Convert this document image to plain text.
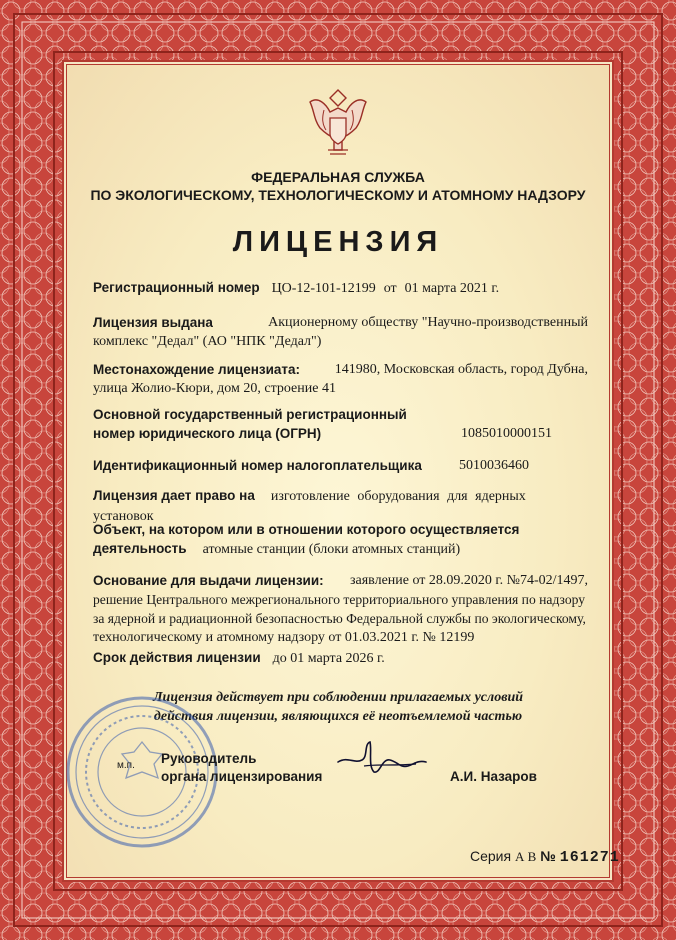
ФЕДЕРАЛЬНАЯ СЛУЖБА
ПО ЭКОЛОГИЧЕСКОМУ, ТЕХНОЛОГИЧЕСКОМУ И АТОМНОМУ НАДЗОРУ
ЛИЦЕНЗИЯ
Регистрационный номер ЦО-12-101-12199 от 01 марта 2021 г.
Лицензия выдана	Акционерному обществу "Научно-производственный
комплекс "Дедал" (АО "НПК "Дедал")
Местонахождение лицензиата: 141980, Московская область, город Дубна,
улица Жолио-Кюри, дом 20, строение 41
Основной государственный регистрационный
номер юридического лица (ОГРН)	1085010000151
Идентификационный номер налогоплательщика	5010036460
Лицензия дает право на изготовление оборудования для ядерных установок
Объект, на котором или в отношении которого осуществляется
деятельность атомные станции (блоки атомных станций)
Основание для выдачи лицензии: заявление от 28.09.2020 г. №74-02/1497,
решение Центрального межрегионального территориального управления по надзору
за ядерной и радиационной безопасностью Федеральной службы по экологическому,
технологическому и атомному надзору от 01.03.2021 г. № 12199
Срок действия лицензии до 01 марта 2026 г.
Лицензия действует при соблюдении прилагаемых условий
действия лицензии, являющихся её неотъемлемой частью
м.п. Руководитель
органа лицензирования	А.И. Назаров
Серия А В № 161271
